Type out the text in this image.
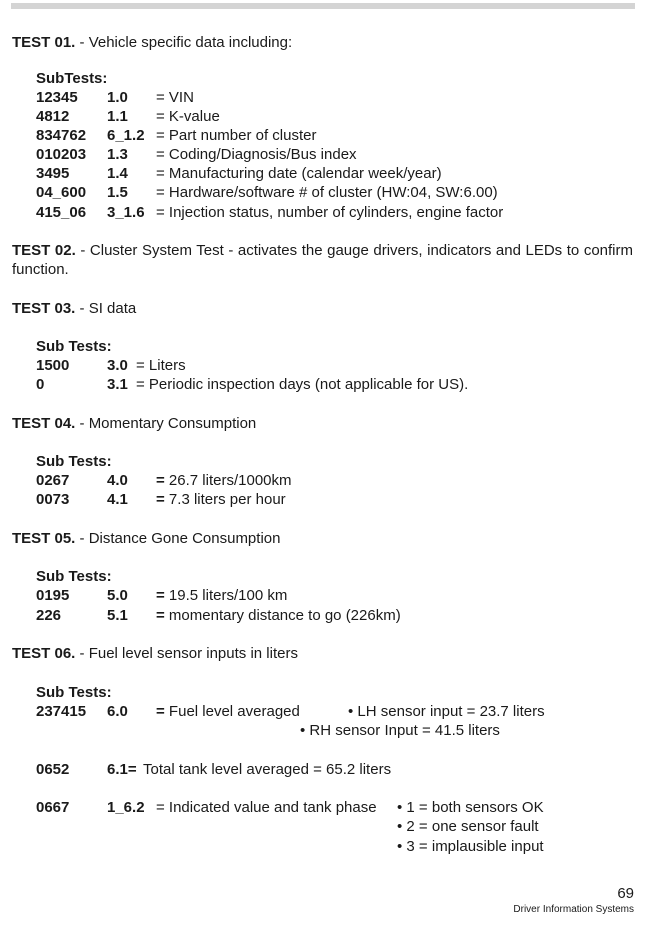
TEST 01. - Vehicle specific data including:
SubTests:
12345 1.0 = VIN
4812	1.1 = K-value
834762 6_1.2 = Part number of cluster
010203 1.3 = Coding/Diagnosis/Bus index
3495	1.4 = Manufacturing date (calendar week/year)
04_600 1.5 = Hardware/software # of cluster (HW:04, SW:6.00)
415_06 3_1.6 = Injection status, number of cylinders, engine factor
TEST 02. - Cluster System Test - activates the gauge drivers, indicators and LEDs to confirm function.
TEST 03. - SI data
Sub Tests:
1500	3.0 = Liters
0	3.1 = Periodic inspection days (not applicable for US).
TEST 04. - Momentary Consumption
Sub Tests:
0267	4.0 = 26.7 liters/1000km
0073	4.1 = 7.3 liters per hour
TEST 05. - Distance Gone Consumption
Sub Tests:
0195	5.0 = 19.5 liters/100 km
226	5.1 = momentary distance to go (226km)
TEST 06. - Fuel level sensor inputs in liters
Sub Tests:
237415 6.0 = Fuel level averaged	• LH sensor input = 23.7 liters
• RH sensor Input = 41.5 liters
0652	6.1= Total tank level averaged = 65.2 liters
0667	1_6.2 = Indicated value and tank phase • 1 = both sensors OK
• 2 = one sensor fault
• 3 = implausible input
69
Driver Information Systems
